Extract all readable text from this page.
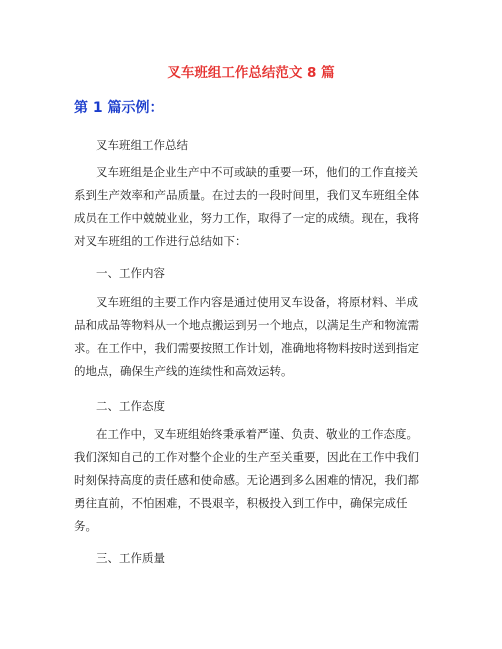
叉车班组工作总结范文 8 篇
第 1 篇示例：
叉车班组工作总结
叉车班组是企业生产中不可或缺的重要一环，他们的工作直接关
系到生产效率和产品质量。在过去的一段时间里，我们叉车班组全体
成员在工作中兢兢业业，努力工作，取得了一定的成绩。现在，我将
对叉车班组的工作进行总结如下：
一、工作内容
叉车班组的主要工作内容是通过使用叉车设备，将原材料、半成
品和成品等物料从一个地点搬运到另一个地点，以满足生产和物流需
求。在工作中，我们需要按照工作计划，准确地将物料按时送到指定
的地点，确保生产线的连续性和高效运转。
二、工作态度
在工作中，叉车班组始终秉承着严谨、负责、敬业的工作态度。
我们深知自己的工作对整个企业的生产至关重要，因此在工作中我们
时刻保持高度的责任感和使命感。无论遇到多么困难的情况，我们都
勇往直前，不怕困难，不畏艰辛，积极投入到工作中，确保完成任
务。
三、工作质量
